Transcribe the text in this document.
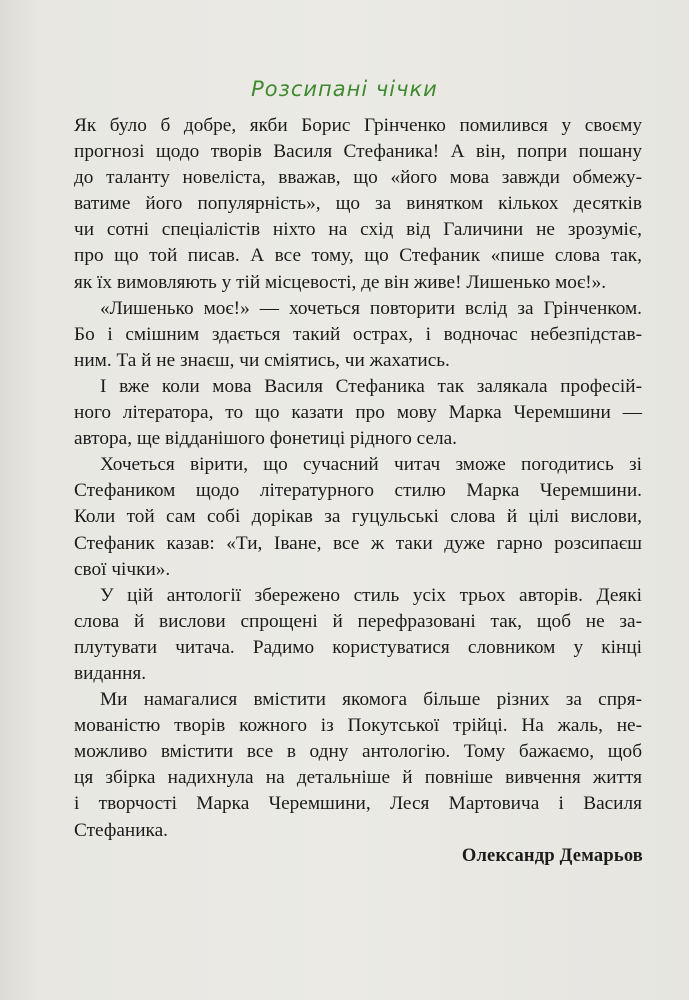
Розсипані чічки
Як було б добре, якби Борис Грінченко помилився у своєму
прогнозі щодо творів Василя Стефаника! А він, попри пошану
до таланту новеліста, вважав, що «його мова завжди обмежу-
ватиме його популярність», що за винятком кількох десятків
чи сотні спеціалістів ніхто на схід від Галичини не зрозуміє,
про що той писав. А все тому, що Стефаник «пише слова так,
як їх вимовляють у тій місцевості, де він живе! Лишенько моє!».
«Лишенько моє!» — хочеться повторити вслід за Грінченком.
Бо і смішним здається такий острах, і водночас небезпідстав-
ним. Та й не знаєш, чи сміятись, чи жахатись.
І вже коли мова Василя Стефаника так залякала професій-
ного літератора, то що казати про мову Марка Черемшини —
автора, ще відданішого фонетиці рідного села.
Хочеться вірити, що сучасний читач зможе погодитись зі
Стефаником щодо літературного стилю Марка Черемшини.
Коли той сам собі дорікав за гуцульські слова й цілі вислови,
Стефаник казав: «Ти, Іване, все ж таки дуже гарно розсипаєш
свої чічки».
У цій антології збережено стиль усіх трьох авторів. Деякі
слова й вислови спрощені й перефразовані так, щоб не за-
плутувати читача. Радимо користуватися словником у кінці
видання.
Ми намагалися вмістити якомога більше різних за спря-
мованістю творів кожного із Покутської трійці. На жаль, не-
можливо вмістити все в одну антологію. Тому бажаємо, щоб
ця збірка надихнула на детальніше й повніше вивчення життя
і творчості Марка Черемшини, Леся Мартовича і Василя
Стефаника.
Олександр Демарьов
